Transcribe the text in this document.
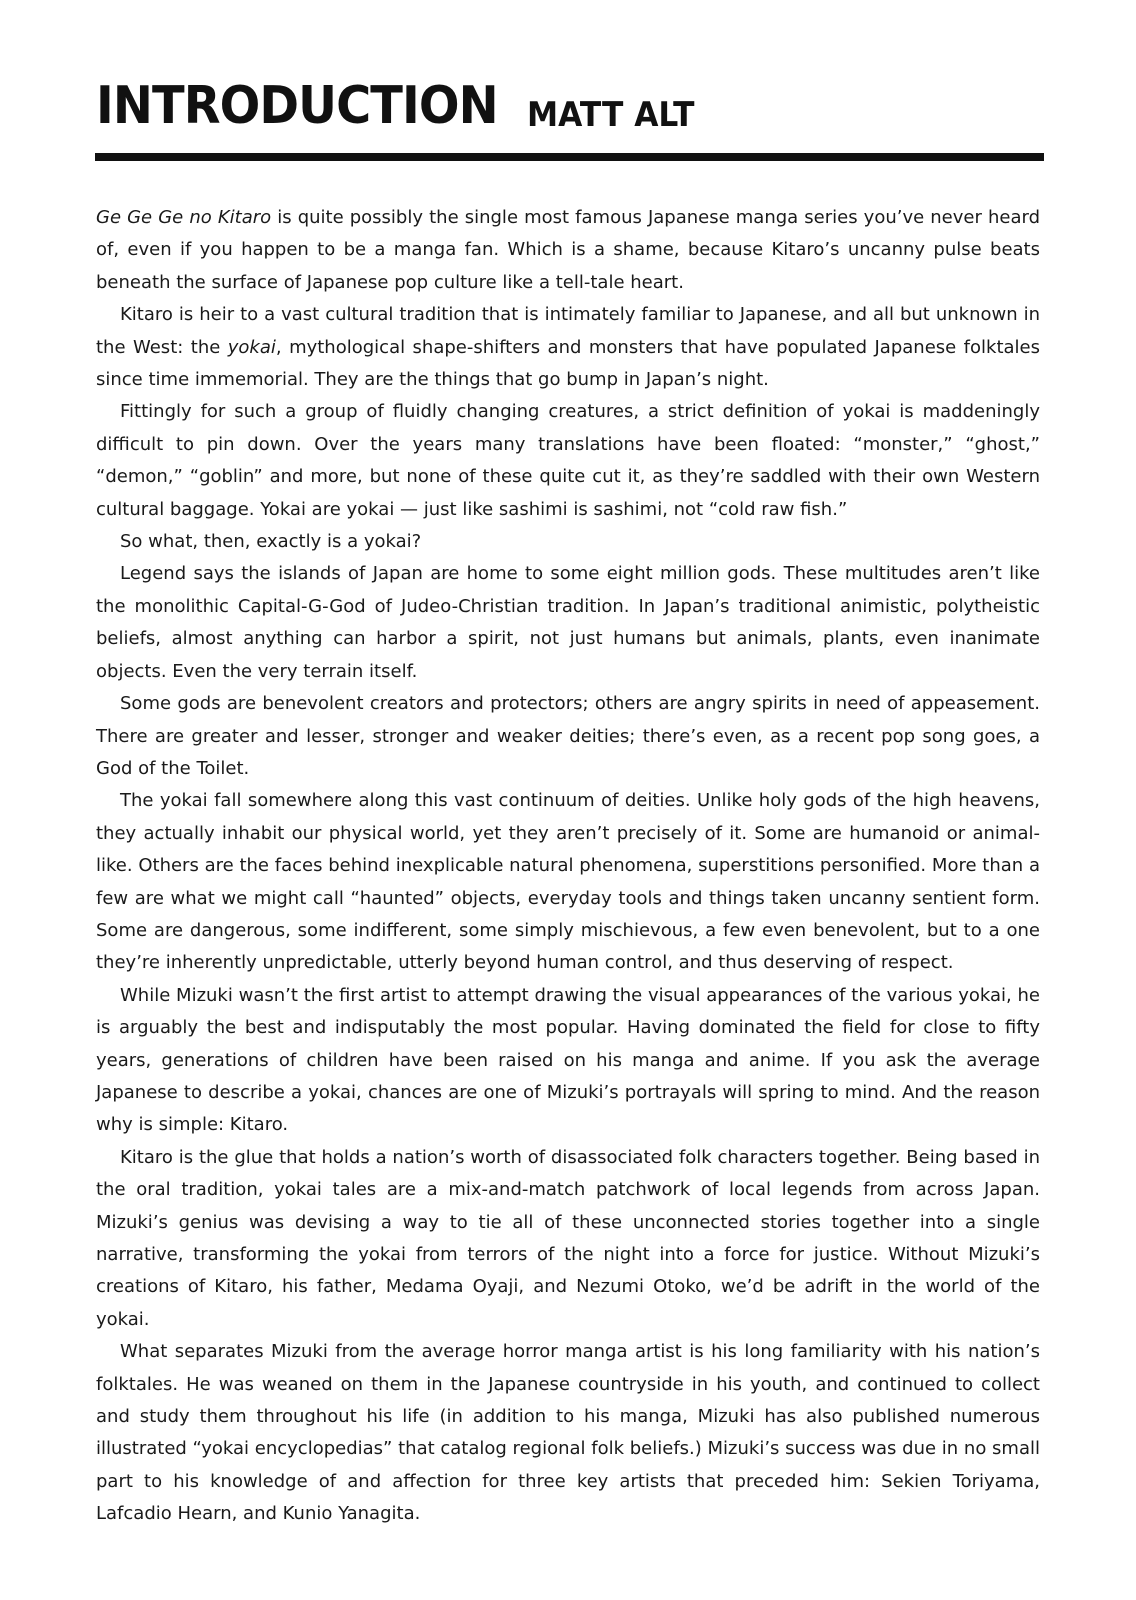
INTRODUCTION MATT ALT

Ge Ge Ge no Kitaro is quite possibly the single most famous Japanese manga series you’ve never heard of, even if you happen to be a manga fan. Which is a shame, because Kitaro’s uncanny pulse beats beneath the surface of Japanese pop culture like a tell-tale heart.

Kitaro is heir to a vast cultural tradition that is intimately familiar to Japanese, and all but unknown in the West: the yokai, mythological shape-shifters and monsters that have populated Japanese folktales since time immemorial. They are the things that go bump in Japan’s night.

Fittingly for such a group of fluidly changing creatures, a strict definition of yokai is maddeningly difficult to pin down. Over the years many translations have been floated: “monster,” “ghost,” “demon,” “goblin” and more, but none of these quite cut it, as they’re saddled with their own Western cultural baggage. Yokai are yokai — just like sashimi is sashimi, not “cold raw fish.”

So what, then, exactly is a yokai?

Legend says the islands of Japan are home to some eight million gods. These multitudes aren’t like the monolithic Capital-G-God of Judeo-Christian tradition. In Japan’s traditional animistic, polytheistic beliefs, almost anything can harbor a spirit, not just humans but animals, plants, even inanimate objects. Even the very terrain itself.

Some gods are benevolent creators and protectors; others are angry spirits in need of appeasement. There are greater and lesser, stronger and weaker deities; there’s even, as a recent pop song goes, a God of the Toilet.

The yokai fall somewhere along this vast continuum of deities. Unlike holy gods of the high heavens, they actually inhabit our physical world, yet they aren’t precisely of it. Some are humanoid or animal-like. Others are the faces behind inexplicable natural phenomena, superstitions personified. More than a few are what we might call “haunted” objects, everyday tools and things taken uncanny sentient form. Some are dangerous, some indifferent, some simply mischievous, a few even benevolent, but to a one they’re inherently unpredictable, utterly beyond human control, and thus deserving of respect.

While Mizuki wasn’t the first artist to attempt drawing the visual appearances of the various yokai, he is arguably the best and indisputably the most popular. Having dominated the field for close to fifty years, generations of children have been raised on his manga and anime. If you ask the average Japanese to describe a yokai, chances are one of Mizuki’s portrayals will spring to mind. And the reason why is simple: Kitaro.

Kitaro is the glue that holds a nation’s worth of disassociated folk characters together. Being based in the oral tradition, yokai tales are a mix-and-match patchwork of local legends from across Japan. Mizuki’s genius was devising a way to tie all of these unconnected stories together into a single narrative, transforming the yokai from terrors of the night into a force for justice. Without Mizuki’s creations of Kitaro, his father, Medama Oyaji, and Nezumi Otoko, we’d be adrift in the world of the yokai.

What separates Mizuki from the average horror manga artist is his long familiarity with his nation’s folktales. He was weaned on them in the Japanese countryside in his youth, and continued to collect and study them throughout his life (in addition to his manga, Mizuki has also published numerous illustrated “yokai encyclopedias” that catalog regional folk beliefs.) Mizuki’s success was due in no small part to his knowledge of and affection for three key artists that preceded him: Sekien Toriyama, Lafcadio Hearn, and Kunio Yanagita.
